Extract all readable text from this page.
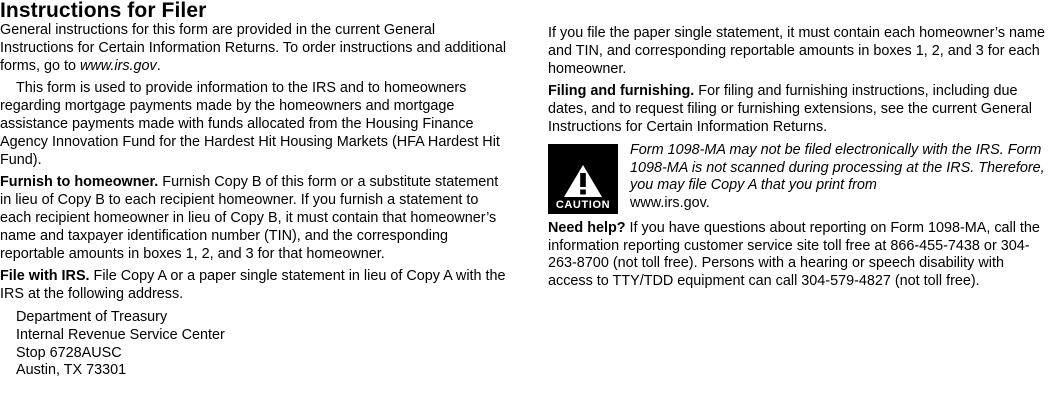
Instructions for Filer

General instructions for this form are provided in the current General Instructions for Certain Information Returns. To order instructions and additional forms, go to www.irs.gov.

This form is used to provide information to the IRS and to homeowners regarding mortgage payments made by the homeowners and mortgage assistance payments made with funds allocated from the Housing Finance Agency Innovation Fund for the Hardest Hit Housing Markets (HFA Hardest Hit Fund).

Furnish to homeowner. Furnish Copy B of this form or a substitute statement in lieu of Copy B to each recipient homeowner. If you furnish a statement to each recipient homeowner in lieu of Copy B, it must contain that homeowner’s name and taxpayer identification number (TIN), and the corresponding reportable amounts in boxes 1, 2, and 3 for that homeowner.

File with IRS. File Copy A or a paper single statement in lieu of Copy A with the IRS at the following address.

Department of Treasury
Internal Revenue Service Center
Stop 6728AUSC
Austin, TX 73301

If you file the paper single statement, it must contain each homeowner’s name and TIN, and corresponding reportable amounts in boxes 1, 2, and 3 for each homeowner.

Filing and furnishing. For filing and furnishing instructions, including due dates, and to request filing or furnishing extensions, see the current General Instructions for Certain Information Returns.

CAUTION
Form 1098-MA may not be filed electronically with the IRS. Form 1098-MA is not scanned during processing at the IRS. Therefore, you may file Copy A that you print from
www.irs.gov.

Need help? If you have questions about reporting on Form 1098-MA, call the information reporting customer service site toll free at 866-455-7438 or 304-263-8700 (not toll free). Persons with a hearing or speech disability with access to TTY/TDD equipment can call 304-579-4827 (not toll free).
